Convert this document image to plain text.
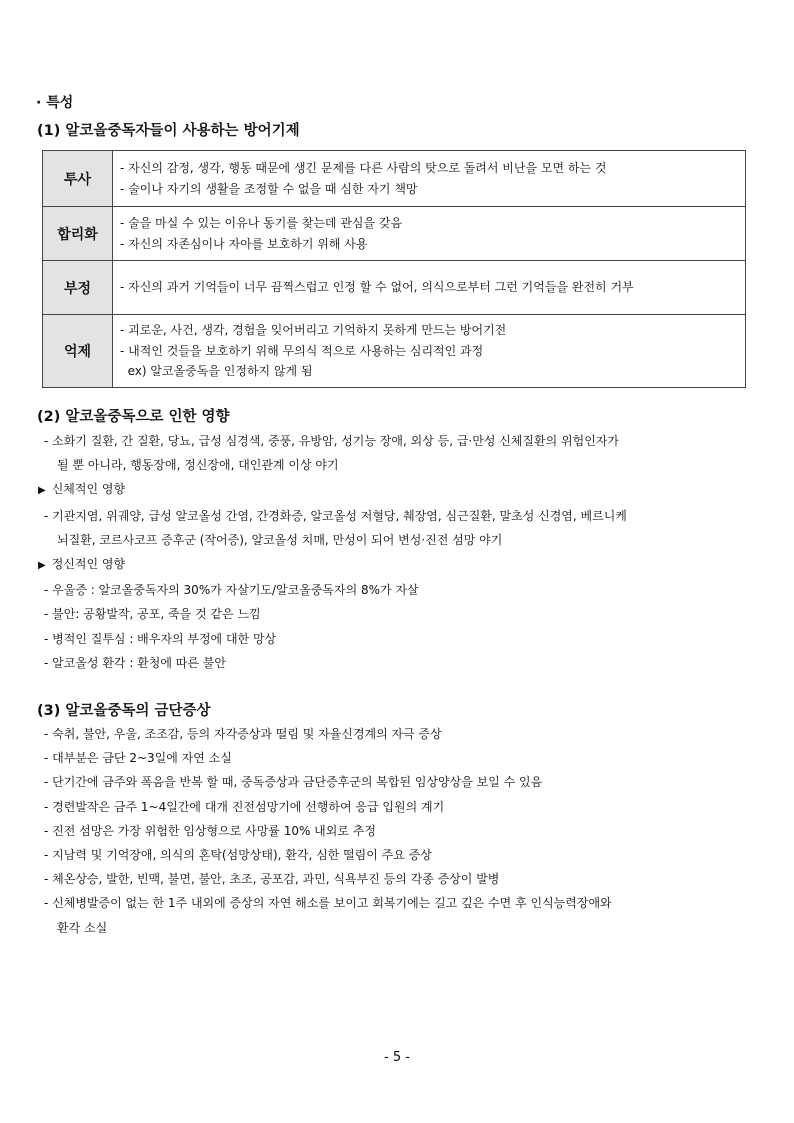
· 특성
(1) 알코올중독자들이 사용하는 방어기제
투사	- 자신의 감정, 생각, 행동 때문에 생긴 문제를 다른 사람의 탓으로 돌려서 비난을 모면 하는 것
- 술이나 자기의 생활을 조정할 수 없을 때 심한 자기 책망

합리화	- 술을 마실 수 있는 이유나 동기를 찾는데 관심을 갖음
- 자신의 자존심이나 자아를 보호하기 위해 사용

부정	- 자신의 과거 기억들이 너무 끔찍스럽고 인정 할 수 없어, 의식으로부터 그런 기억들을 완전히 거부

억제	- 괴로운, 사건, 생각, 경험을 잊어버리고 기억하지 못하게 만드는 방어기전
- 내적인 것들을 보호하기 위해 무의식 적으로 사용하는 심리적인 과정
ex) 알코올중독을 인정하지 않게 됨
(2) 알코올중독으로 인한 영향
- 소화기 질환, 간 질환, 당뇨, 급성 심경색, 중풍, 유방암, 성기능 장애, 외상 등, 급·만성 신체질환의 위험인자가
될 뿐 아니라, 행동장애, 정신장애, 대인관계 이상 야기
▶ 신체적인 영향
- 기관지염, 위궤양, 급성 알코올성 간염, 간경화증, 알코올성 저혈당, 췌장염, 심근질환, 말초성 신경염, 베르니케
뇌질환, 코르사코프 증후군 (작어증), 알코올성 치매, 만성이 되어 변성·진전 섬망 야기
▶ 정신적인 영향
- 우울증 : 알코올중독자의 30%가 자살기도/알코올중독자의 8%가 자살
- 불안: 공황발작, 공포, 죽을 것 같은 느낌
- 병적인 질투심 : 배우자의 부정에 대한 망상
- 알코올성 환각 : 환청에 따른 불안
(3) 알코올중독의 금단증상
- 숙취, 불안, 우울, 조조감, 등의 자각증상과 떨림 및 자율신경계의 자극 증상
- 대부분은 금단 2~3일에 자연 소실
- 단기간에 금주와 폭음을 반복 할 때, 중독증상과 금단증후군의 복합된 임상양상을 보일 수 있음
- 경련발작은 금주 1~4일간에 대개 진전섬망기에 선행하여 응급 입원의 계기
- 진전 섬망은 가장 위험한 임상형으로 사망률 10% 내외로 추정
- 지남력 및 기억장애, 의식의 혼탁(섬망상태), 환각, 심한 떨림이 주요 증상
- 체온상승, 발한, 빈맥, 불면, 불안, 초조, 공포감, 과민, 식욕부진 등의 각종 증상이 발병
- 신체병발증이 없는 한 1주 내외에 증상의 자연 해소를 보이고 회복기에는 길고 깊은 수면 후 인식능력장애와
환각 소실
- 5 -
